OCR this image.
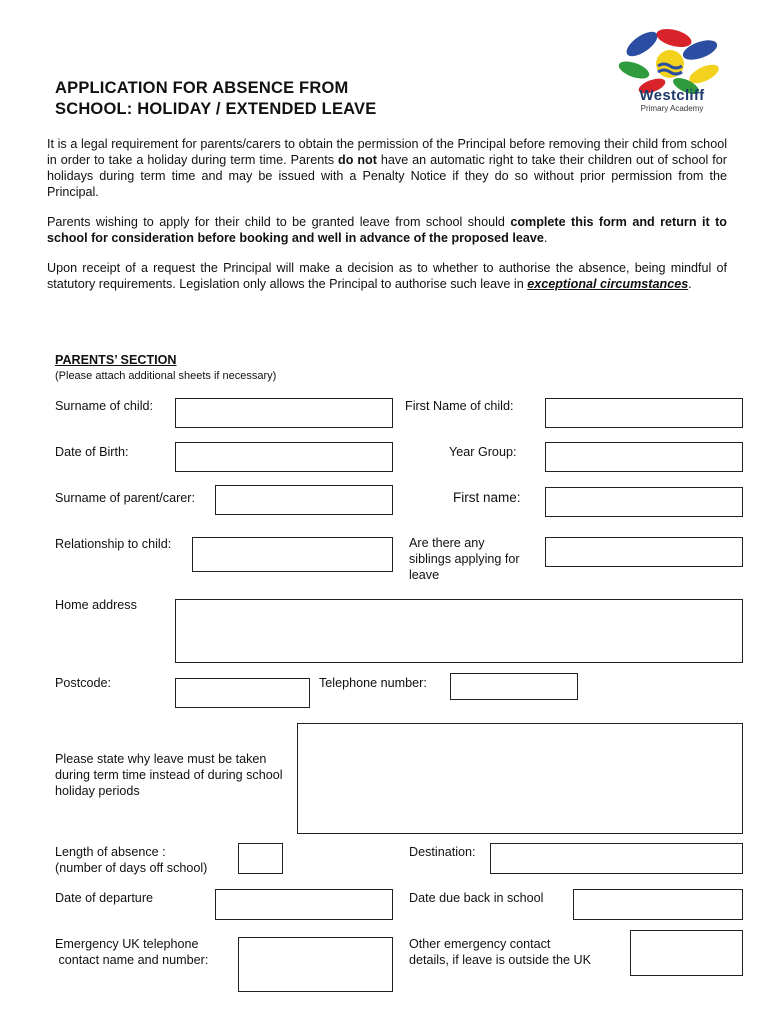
Westcliff
Primary Academy
APPLICATION FOR ABSENCE FROM
SCHOOL: HOLIDAY / EXTENDED LEAVE
It is a legal requirement for parents/carers to obtain the permission of the Principal before removing their child from school in order to take a holiday during term time. Parents do not have an automatic right to take their children out of school for holidays during term time and may be issued with a Penalty Notice if they do so without prior permission from the Principal.
Parents wishing to apply for their child to be granted leave from school should complete this form and return it to school for consideration before booking and well in advance of the proposed leave.
Upon receipt of a request the Principal will make a decision as to whether to authorise the absence, being mindful of statutory requirements. Legislation only allows the Principal to authorise such leave in exceptional circumstances.
PARENTS’ SECTION
(Please attach additional sheets if necessary)
Surname of child:	First Name of child:
Date of Birth:	Year Group:
Surname of parent/carer:	First name:
Relationship to child:	Are there any siblings applying for leave
Home address
Postcode:	Telephone number:
Please state why leave must be taken during term time instead of during school holiday periods
Length of absence :
(number of days off school)
Destination:
Date of departure	Date due back in school
Emergency UK telephone
contact name and number:
Other emergency contact
details, if leave is outside the UK
